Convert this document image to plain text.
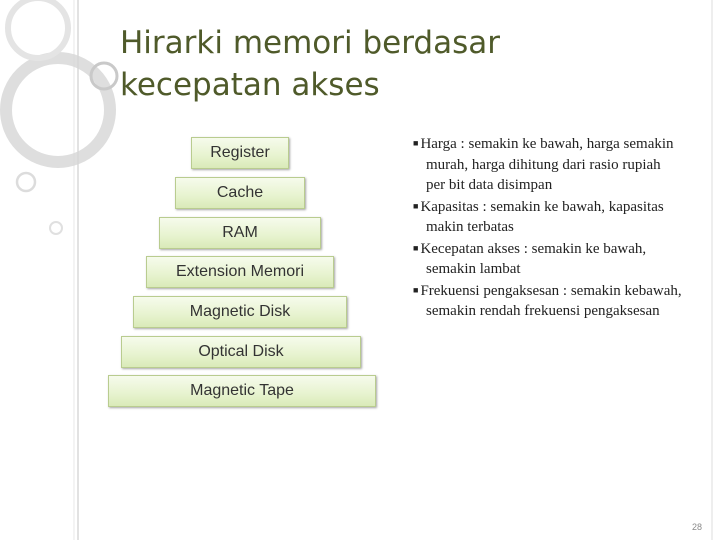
Hirarki memori berdasar kecepatan akses
Register
Cache
RAM
Extension Memori
Magnetic Disk
Optical Disk
Magnetic Tape
■ Harga : semakin ke bawah, harga semakin murah, harga dihitung dari rasio rupiah per bit data disimpan
■ Kapasitas : semakin ke bawah, kapasitas makin terbatas
■ Kecepatan akses : semakin ke bawah, semakin lambat
■ Frekuensi pengaksesan : semakin kebawah, semakin rendah frekuensi pengaksesan
28
